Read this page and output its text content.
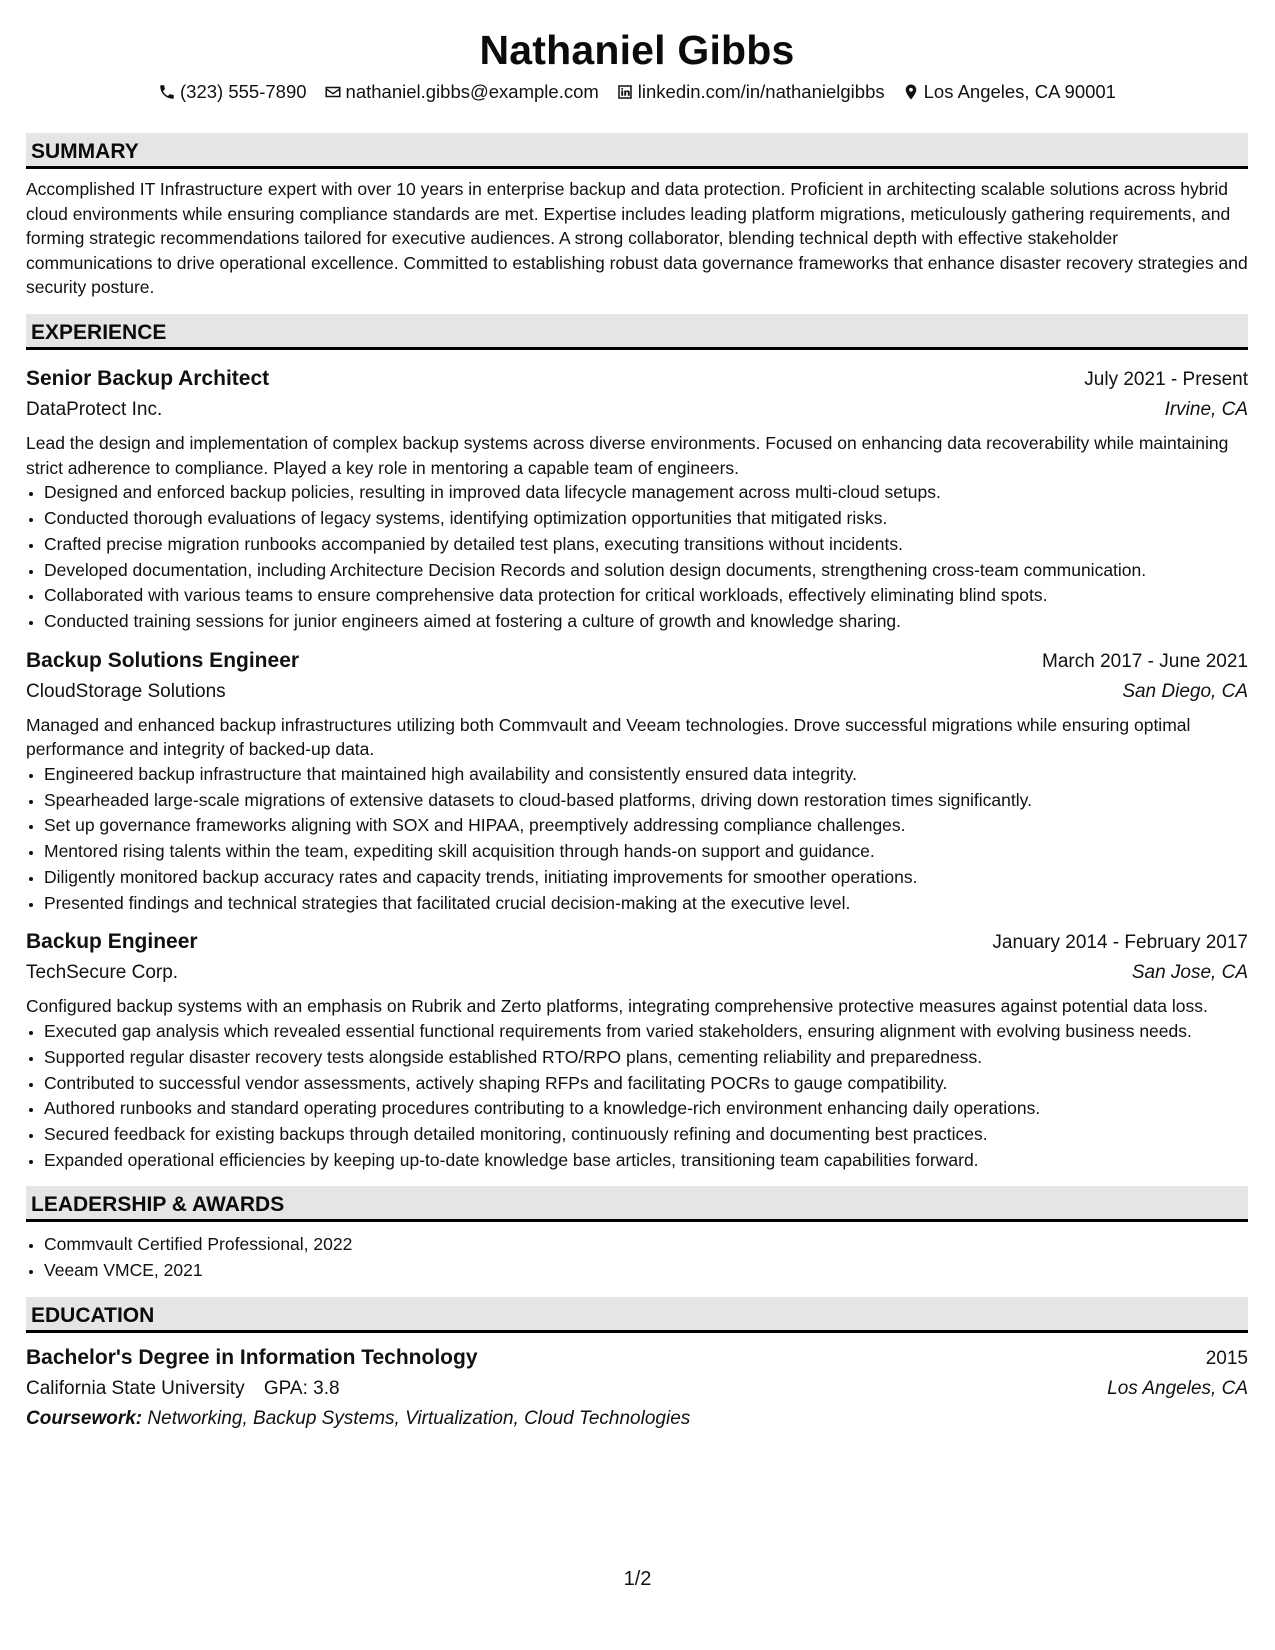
Nathaniel Gibbs
(323) 555-7890 nathaniel.gibbs@example.com linkedin.com/in/nathanielgibbs Los Angeles, CA 90001
SUMMARY

Accomplished IT Infrastructure expert with over 10 years in enterprise backup and data protection. Proficient in architecting scalable solutions across hybrid cloud environments while ensuring compliance standards are met. Expertise includes leading platform migrations, meticulously gathering requirements, and forming strategic recommendations tailored for executive audiences. A strong collaborator, blending technical depth with effective stakeholder communications to drive operational excellence. Committed to establishing robust data governance frameworks that enhance disaster recovery strategies and security posture.

EXPERIENCE
Senior Backup Architect	July 2021 - Present
DataProtect Inc.	Irvine, CA

Lead the design and implementation of complex backup systems across diverse environments. Focused on enhancing data recoverability while maintaining strict adherence to compliance. Played a key role in mentoring a capable team of engineers.

• Designed and enforced backup policies, resulting in improved data lifecycle management across multi-cloud setups.
• Conducted thorough evaluations of legacy systems, identifying optimization opportunities that mitigated risks.
• Crafted precise migration runbooks accompanied by detailed test plans, executing transitions without incidents.
• Developed documentation, including Architecture Decision Records and solution design documents, strengthening cross-team communication.
• Collaborated with various teams to ensure comprehensive data protection for critical workloads, effectively eliminating blind spots.
• Conducted training sessions for junior engineers aimed at fostering a culture of growth and knowledge sharing.
Backup Solutions Engineer	March 2017 - June 2021
CloudStorage Solutions	San Diego, CA

Managed and enhanced backup infrastructures utilizing both Commvault and Veeam technologies. Drove successful migrations while ensuring optimal performance and integrity of backed-up data.

• Engineered backup infrastructure that maintained high availability and consistently ensured data integrity.
• Spearheaded large-scale migrations of extensive datasets to cloud-based platforms, driving down restoration times significantly.
• Set up governance frameworks aligning with SOX and HIPAA, preemptively addressing compliance challenges.
• Mentored rising talents within the team, expediting skill acquisition through hands-on support and guidance.
• Diligently monitored backup accuracy rates and capacity trends, initiating improvements for smoother operations.
• Presented findings and technical strategies that facilitated crucial decision-making at the executive level.
Backup Engineer	January 2014 - February 2017
TechSecure Corp.	San Jose, CA

Configured backup systems with an emphasis on Rubrik and Zerto platforms, integrating comprehensive protective measures against potential data loss.

• Executed gap analysis which revealed essential functional requirements from varied stakeholders, ensuring alignment with evolving business needs.
• Supported regular disaster recovery tests alongside established RTO/RPO plans, cementing reliability and preparedness.
• Contributed to successful vendor assessments, actively shaping RFPs and facilitating POCRs to gauge compatibility.
• Authored runbooks and standard operating procedures contributing to a knowledge-rich environment enhancing daily operations.
• Secured feedback for existing backups through detailed monitoring, continuously refining and documenting best practices.
• Expanded operational efficiencies by keeping up-to-date knowledge base articles, transitioning team capabilities forward.
LEADERSHIP & AWARDS
• Commvault Certified Professional, 2022
• Veeam VMCE, 2021
EDUCATION
Bachelor's Degree in Information Technology	2015
California State University GPA: 3.8	Los Angeles, CA
Coursework: Networking, Backup Systems, Virtualization, Cloud Technologies
1/2
